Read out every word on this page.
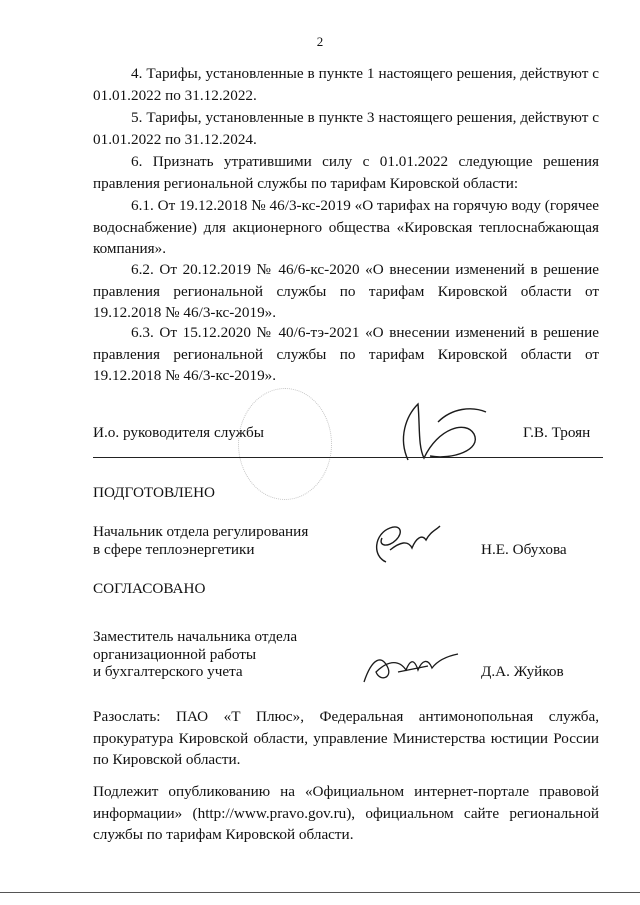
2

4. Тарифы, установленные в пункте 1 настоящего решения, действуют с 01.01.2022 по 31.12.2022.

5. Тарифы, установленные в пункте 3 настоящего решения, действуют с 01.01.2022 по 31.12.2024.

6. Признать утратившими силу с 01.01.2022 следующие решения правления региональной службы по тарифам Кировской области:

6.1. От 19.12.2018 № 46/3-кс-2019 «О тарифах на горячую воду (горячее водоснабжение) для акционерного общества «Кировская теплоснабжающая компания».

6.2. От 20.12.2019 № 46/6-кс-2020 «О внесении изменений в решение правления региональной службы по тарифам Кировской области от 19.12.2018 № 46/3-кс-2019».

6.3. От 15.12.2020 № 40/6-тэ-2021 «О внесении изменений в решение правления региональной службы по тарифам Кировской области от 19.12.2018 № 46/3-кс-2019».

И.о. руководителя службы	Г.В. Троян
ПОДГОТОВЛЕНО
Начальник отдела регулирования
в сфере теплоэнергетики	Н.Е. Обухова
СОГЛАСОВАНО
Заместитель начальника отдела
организационной работы
и бухгалтерского учета	Д.А. Жуйков

Разослать: ПАО «Т Плюс», Федеральная антимонопольная служба, прокуратура Кировской области, управление Министерства юстиции России по Кировской области.

Подлежит опубликованию на «Официальном интернет-портале правовой информации» (http://www.pravo.gov.ru), официальном сайте региональной службы по тарифам Кировской области.
